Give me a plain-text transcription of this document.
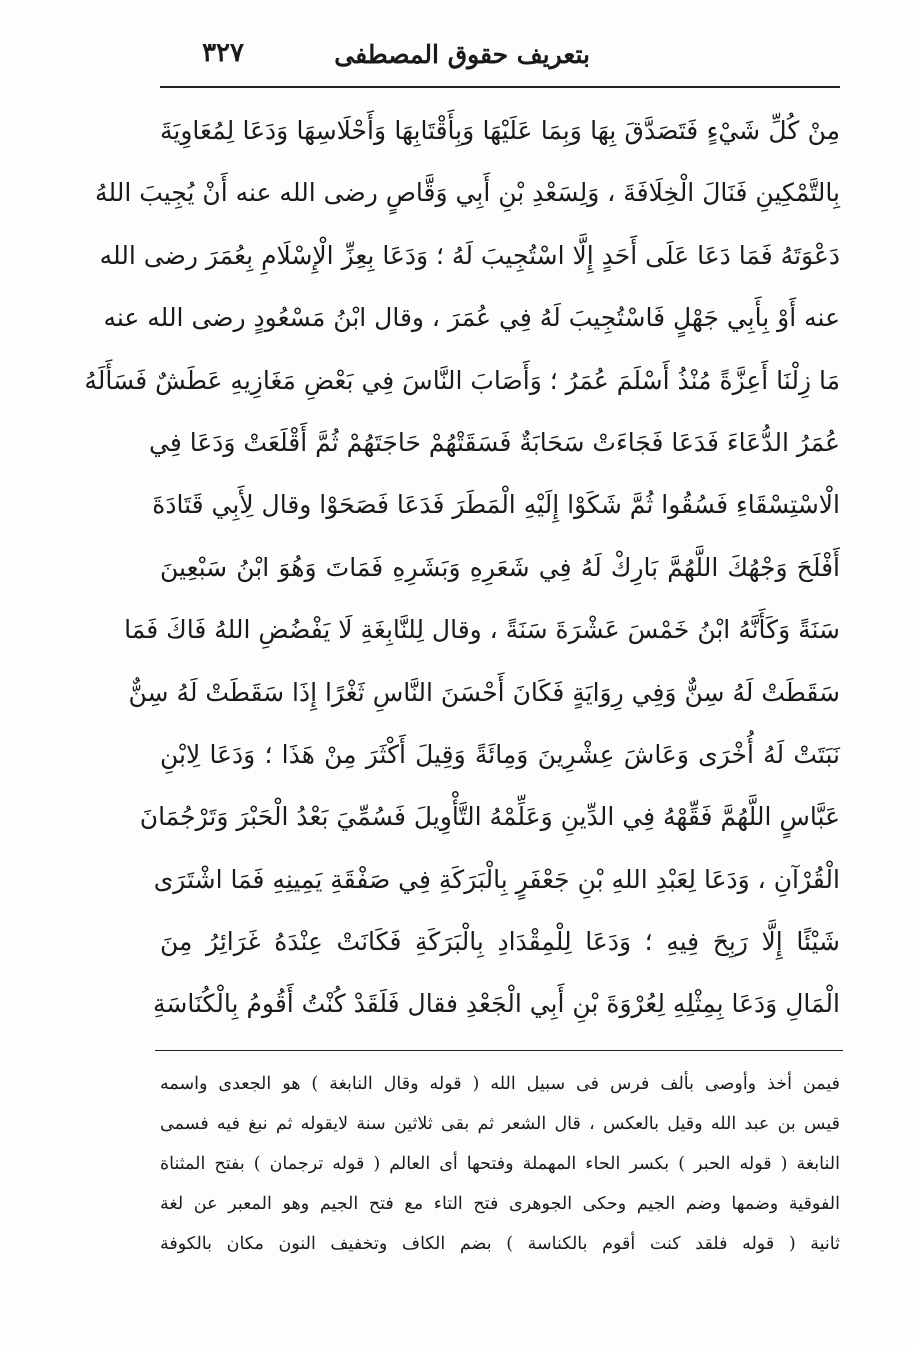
بتعريف حقوق المصطفى
٣٢٧
مِنْ كُلِّ شَيْءٍ فَتَصَدَّقَ بِهَا وَبِمَا عَلَيْهَا وَبِأَقْتَابِهَا وَأَحْلَاسِهَا وَدَعَا لِمُعَاوِيَةَ
بِالتَّمْكِينِ فَنَالَ الْخِلَافَةَ ، وَلِسَعْدِ بْنِ أَبِي وَقَّاصٍ رضى الله عنه أَنْ يُجِيبَ اللهُ
دَعْوَتَهُ فَمَا دَعَا عَلَى أَحَدٍ إِلَّا اسْتُجِيبَ لَهُ ؛ وَدَعَا بِعِزِّ الْإِسْلَامِ بِعُمَرَ رضى الله
عنه أَوْ بِأَبِي جَهْلٍ فَاسْتُجِيبَ لَهُ فِي عُمَرَ ، وقال ابْنُ مَسْعُودٍ رضى الله عنه
مَا زِلْنَا أَعِزَّةً مُنْذُ أَسْلَمَ عُمَرُ ؛ وَأَصَابَ النَّاسَ فِي بَعْضِ مَغَازِيهِ عَطَشٌ فَسَأَلَهُ
عُمَرُ الدُّعَاءَ فَدَعَا فَجَاءَتْ سَحَابَةٌ فَسَقَتْهُمْ حَاجَتَهُمْ ثُمَّ أَقْلَعَتْ وَدَعَا فِي
الْاسْتِسْقَاءِ فَسُقُوا ثُمَّ شَكَوْا إِلَيْهِ الْمَطَرَ فَدَعَا فَصَحَوْا وقال لِأَبِي قَتَادَةَ
أَفْلَحَ وَجْهُكَ اللَّهُمَّ بَارِكْ لَهُ فِي شَعَرِهِ وَبَشَرِهِ فَمَاتَ وَهُوَ ابْنُ سَبْعِينَ
سَنَةً وَكَأَنَّهُ ابْنُ خَمْسَ عَشْرَةَ سَنَةً ، وقال لِلنَّابِغَةِ لَا يَفْضُضِ اللهُ فَاكَ فَمَا
سَقَطَتْ لَهُ سِنٌّ وَفِي رِوَايَةٍ فَكَانَ أَحْسَنَ النَّاسِ ثَغْرًا إِذَا سَقَطَتْ لَهُ سِنٌّ
نَبَتَتْ لَهُ أُخْرَى وَعَاشَ عِشْرِينَ وَمِائَةً وَقِيلَ أَكْثَرَ مِنْ هَذَا ؛ وَدَعَا لِابْنِ
عَبَّاسٍ اللَّهُمَّ فَقِّهْهُ فِي الدِّينِ وَعَلِّمْهُ التَّأْوِيلَ فَسُمِّيَ بَعْدُ الْحَبْرَ وَتَرْجُمَانَ
الْقُرْآنِ ، وَدَعَا لِعَبْدِ اللهِ بْنِ جَعْفَرٍ بِالْبَرَكَةِ فِي صَفْقَةِ يَمِينِهِ فَمَا اشْتَرَى
شَيْئًا إِلَّا رَبِحَ فِيهِ ؛ وَدَعَا لِلْمِقْدَادِ بِالْبَرَكَةِ فَكَانَتْ عِنْدَهُ غَرَائِرُ مِنَ
الْمَالِ وَدَعَا بِمِثْلِهِ لِعُرْوَةَ بْنِ أَبِي الْجَعْدِ فقال فَلَقَدْ كُنْتُ أَقُومُ بِالْكُنَاسَةِ
فيمن أخذ وأوصى بألف فرس فى سبيل الله ( قوله وقال النابغة ) هو الجعدى واسمه
قيس بن عبد الله وقيل بالعكس ، قال الشعر ثم بقى ثلاثين سنة لايقوله ثم نبغ فيه فسمى
النابغة ( قوله الحبر ) بكسر الحاء المهملة وفتحها أى العالم ( قوله ترجمان ) بفتح المثناة
الفوقية وضمها وضم الجيم وحكى الجوهرى فتح التاء مع فتح الجيم وهو المعبر عن لغة
ثانية ( قوله فلقد كنت أقوم بالكناسة ) بضم الكاف وتخفيف النون مكان بالكوفة
